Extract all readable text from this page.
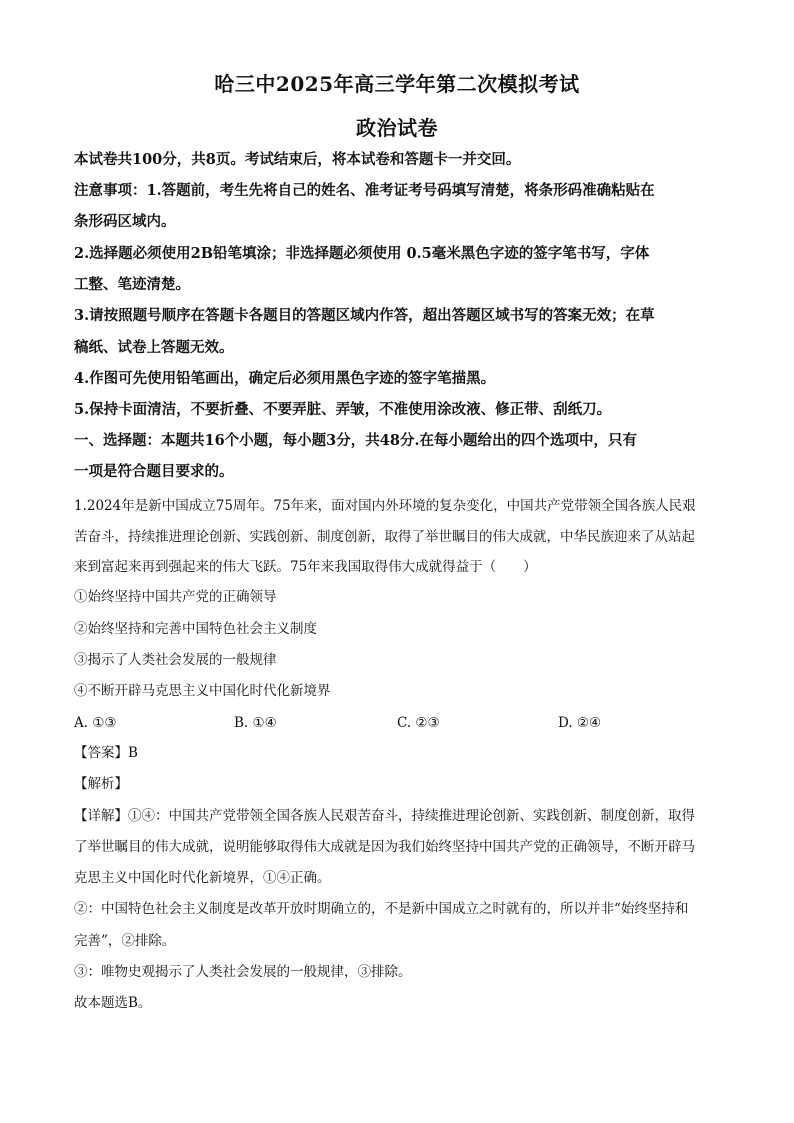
哈三中2025年高三学年第二次模拟考试
政治试卷
本试卷共100分，共8页。考试结束后，将本试卷和答题卡一并交回。
注意事项：1.答题前，考生先将自己的姓名、准考证考号码填写清楚，将条形码准确粘贴在
条形码区域内。
2.选择题必须使用2B铅笔填涂；非选择题必须使用 0.5毫米黑色字迹的签字笔书写，字体
工整、笔迹清楚。
3.请按照题号顺序在答题卡各题目的答题区域内作答，超出答题区域书写的答案无效；在草
稿纸、试卷上答题无效。
4.作图可先使用铅笔画出，确定后必须用黑色字迹的签字笔描黑。
5.保持卡面清洁，不要折叠、不要弄脏、弄皱，不准使用涂改液、修正带、刮纸刀。
一、选择题：本题共16个小题，每小题3分，共48分.在每小题给出的四个选项中，只有
一项是符合题目要求的。
1.2024年是新中国成立75周年。75年来，面对国内外环境的复杂变化，中国共产党带领全国各族人民艰
苦奋斗，持续推进理论创新、实践创新、制度创新，取得了举世瞩目的伟大成就，中华民族迎来了从站起
来到富起来再到强起来的伟大飞跃。75年来我国取得伟大成就得益于（　　）
①始终坚持中国共产党的正确领导
②始终坚持和完善中国特色社会主义制度
③揭示了人类社会发展的一般规律
④不断开辟马克思主义中国化时代化新境界
A. ①③	B. ①④	C. ②③	D. ②④
【答案】B
【解析】
【详解】①④：中国共产党带领全国各族人民艰苦奋斗，持续推进理论创新、实践创新、制度创新，取得
了举世瞩目的伟大成就，说明能够取得伟大成就是因为我们始终坚持中国共产党的正确领导，不断开辟马
克思主义中国化时代化新境界，①④正确。
②：中国特色社会主义制度是改革开放时期确立的，不是新中国成立之时就有的，所以并非“始终坚持和
完善”，②排除。
③：唯物史观揭示了人类社会发展的一般规律，③排除。
故本题选B。
